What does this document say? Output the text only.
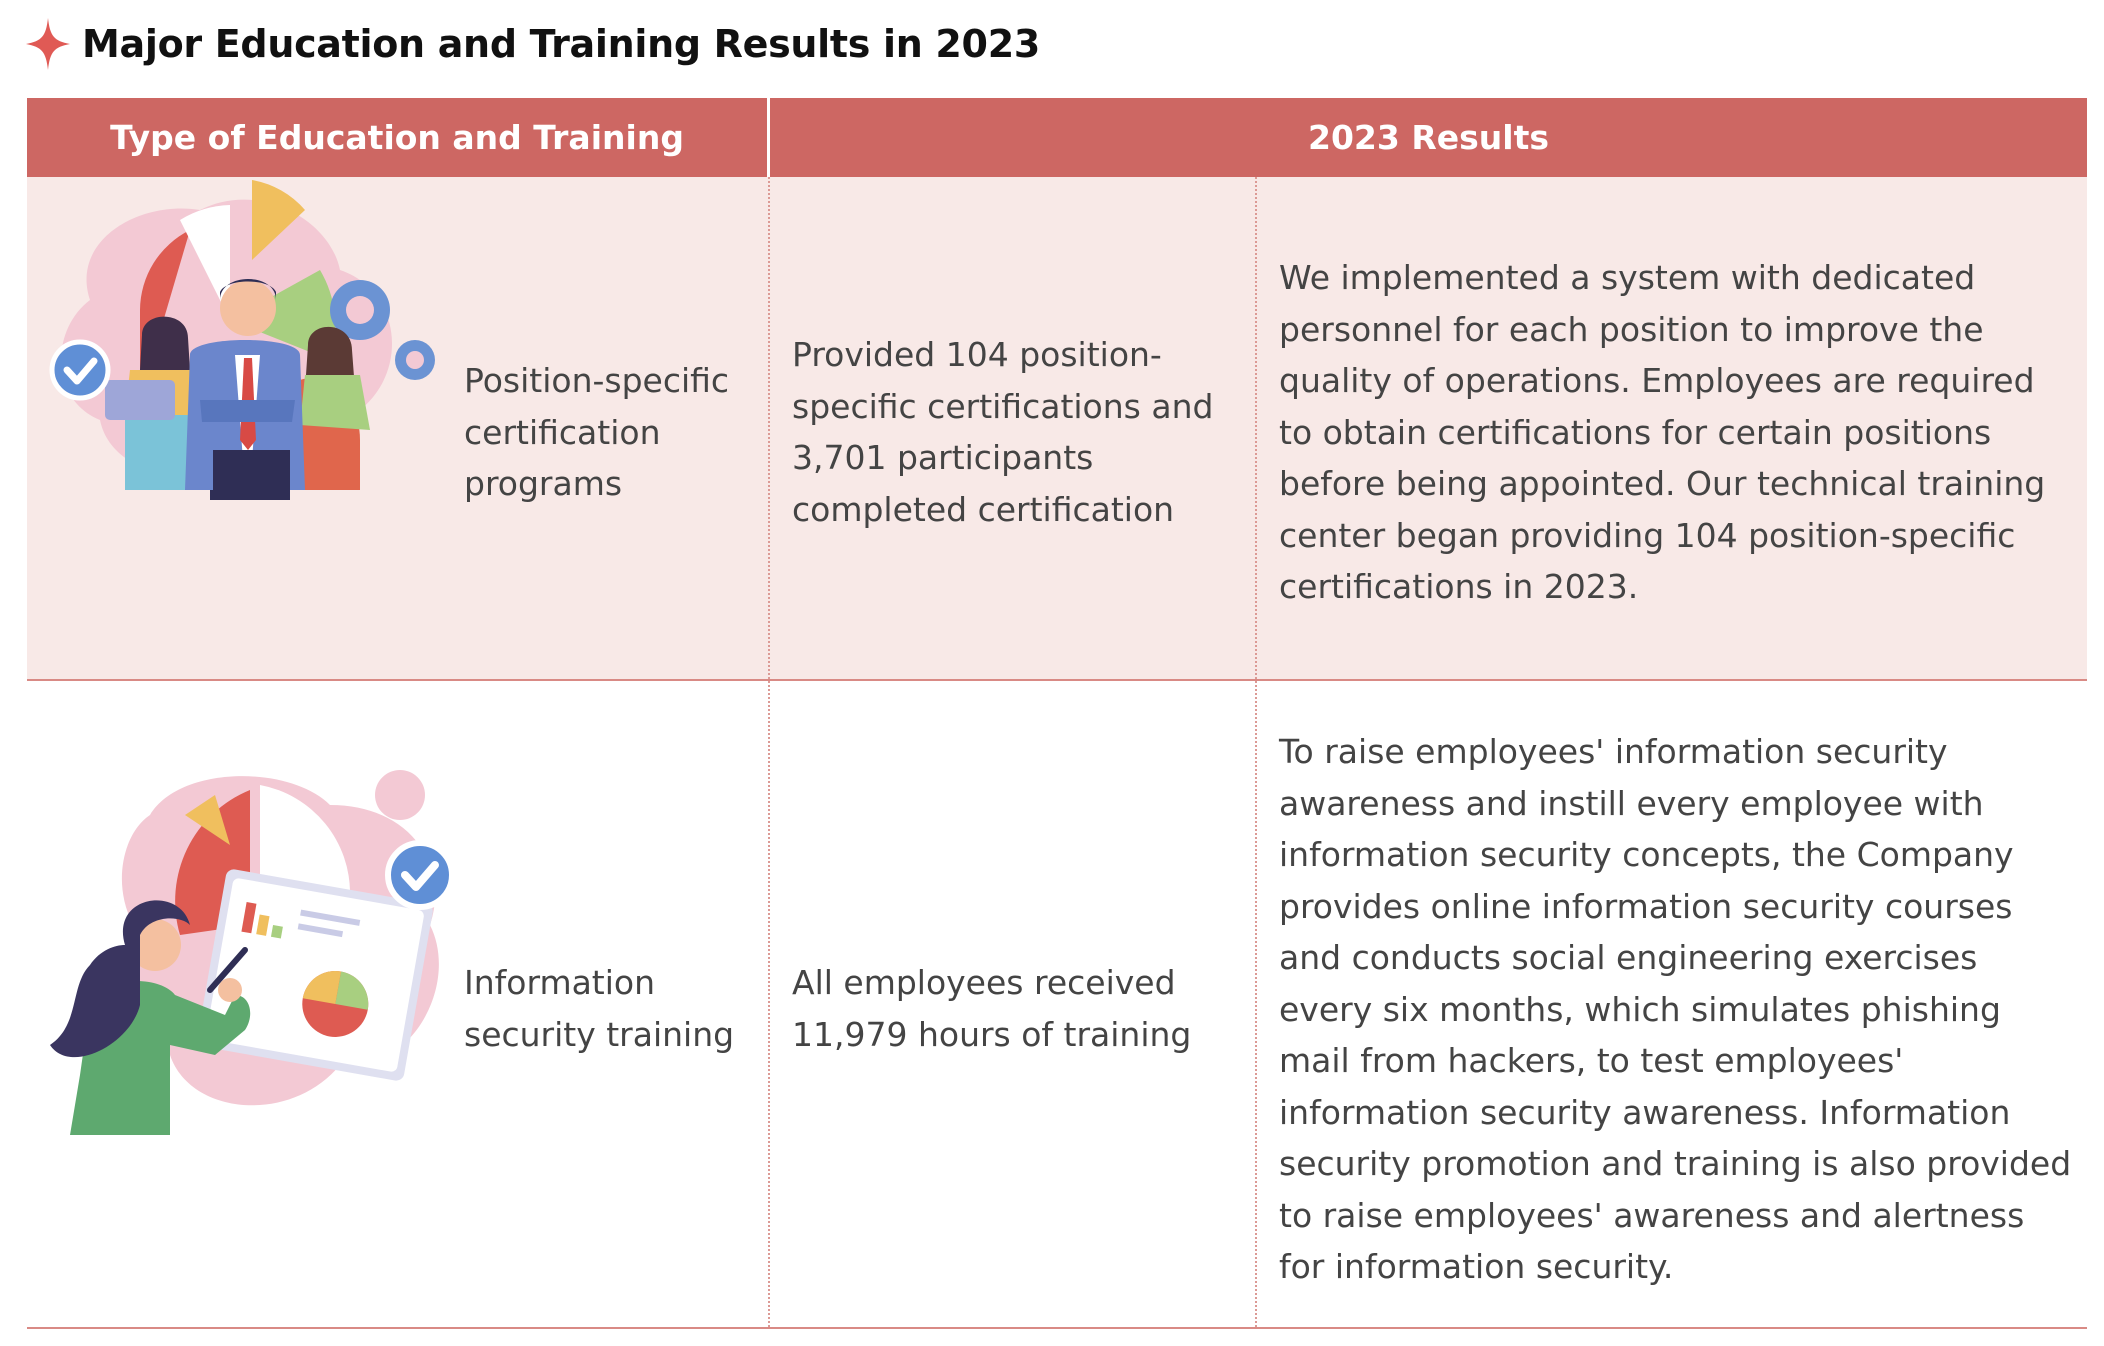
Major Education and Training Results in 2023
Type of Education and Training	2023 Results
Position-specific certification programs
Provided 104 position-specific certifications and 3,701 participants completed certification
We implemented a system with dedicated personnel for each position to improve the quality of operations. Employees are required to obtain certifications for certain positions before being appointed. Our technical training center began providing 104 position-specific certifications in 2023.
Information security training
All employees received 11,979 hours of training
To raise employees' information security awareness and instill every employee with information security concepts, the Company provides online information security courses and conducts social engineering exercises every six months, which simulates phishing mail from hackers, to test employees' information security awareness. Information security promotion and training is also provided to raise employees' awareness and alertness for information security.
